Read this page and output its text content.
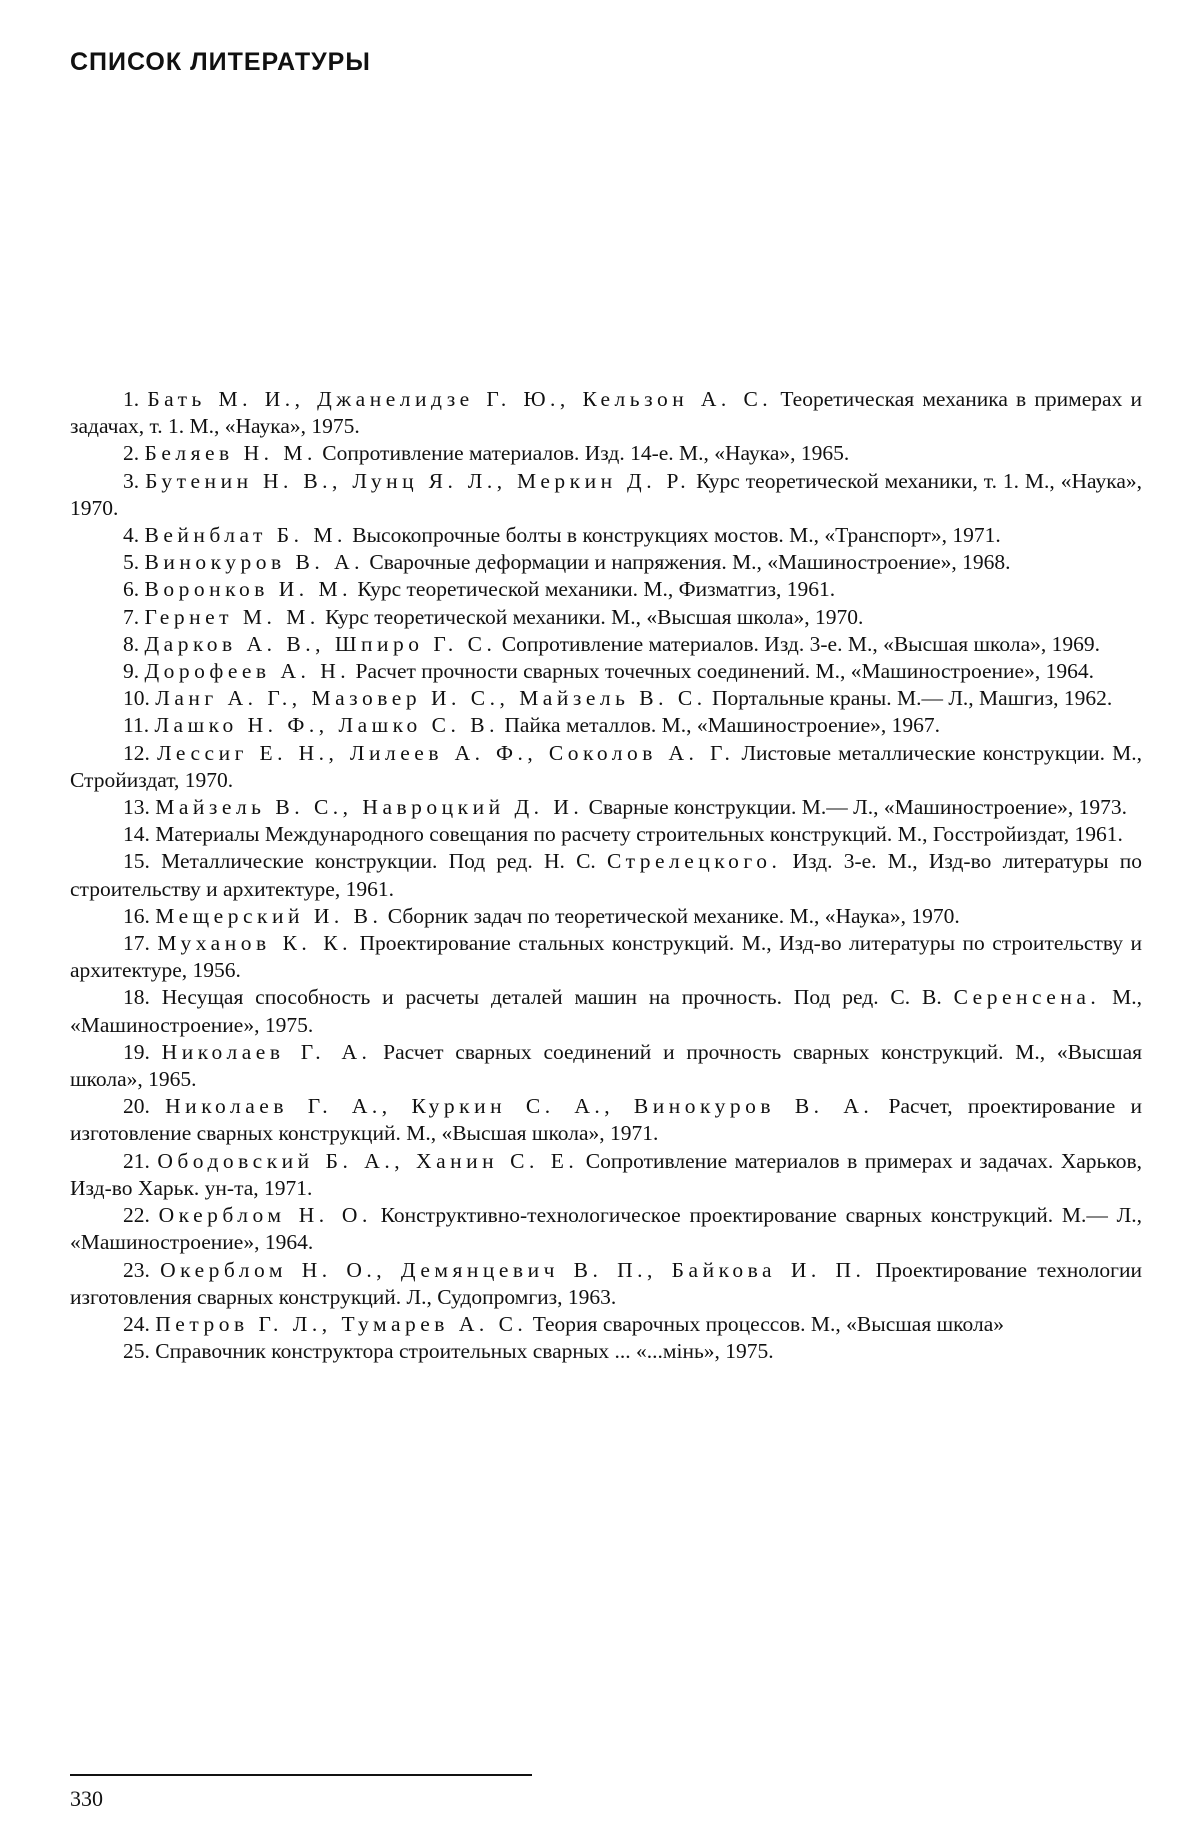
СПИСОК ЛИТЕРАТУРЫ

1. Бать М. И., Джанелидзе Г. Ю., Кельзон А. С. Теоретическая механика в примерах и задачах, т. 1. М., «Наука», 1975.

2. Беляев Н. М. Сопротивление материалов. Изд. 14-е. М., «Наука», 1965.

3. Бутенин Н. В., Лунц Я. Л., Меркин Д. Р. Курс теоретической механики, т. 1. М., «Наука», 1970.

4. Вейнблат Б. М. Высокопрочные болты в конструкциях мостов. М., «Транспорт», 1971.

5. Винокуров В. А. Сварочные деформации и напряжения. М., «Машиностроение», 1968.

6. Воронков И. М. Курс теоретической механики. М., Физматгиз, 1961.

7. Гернет М. М. Курс теоретической механики. М., «Высшая школа», 1970.

8. Дарков А. В., Шпиро Г. С. Сопротивление материалов. Изд. 3-е. М., «Высшая школа», 1969.

9. Дорофеев А. Н. Расчет прочности сварных точечных соединений. М., «Машиностроение», 1964.

10. Ланг А. Г., Мазовер И. С., Майзель В. С. Портальные краны. М.— Л., Машгиз, 1962.

11. Лашко Н. Ф., Лашко С. В. Пайка металлов. М., «Машиностроение», 1967.

12. Лессиг Е. Н., Лилеев А. Ф., Соколов А. Г. Листовые металлические конструкции. М., Стройиздат, 1970.

13. Майзель В. С., Навроцкий Д. И. Сварные конструкции. М.— Л., «Машиностроение», 1973.

14. Материалы Международного совещания по расчету строительных конструкций. М., Госстройиздат, 1961.

15. Металлические конструкции. Под ред. Н. С. Стрелецкого. Изд. 3-е. М., Изд-во литературы по строительству и архитектуре, 1961.

16. Мещерский И. В. Сборник задач по теоретической механике. М., «Наука», 1970.

17. Муханов К. К. Проектирование стальных конструкций. М., Изд-во литературы по строительству и архитектуре, 1956.

18. Несущая способность и расчеты деталей машин на прочность. Под ред. С. В. Серенсена. М., «Машиностроение», 1975.

19. Николаев Г. А. Расчет сварных соединений и прочность сварных конструкций. М., «Высшая школа», 1965.

20. Николаев Г. А., Куркин С. А., Винокуров В. А. Расчет, проектирование и изготовление сварных конструкций. М., «Высшая школа», 1971.

21. Ободовский Б. А., Ханин С. Е. Сопротивление материалов в примерах и задачах. Харьков, Изд-во Харьк. ун-та, 1971.

22. Окерблом Н. О. Конструктивно-технологическое проектирование сварных конструкций. М.— Л., «Машиностроение», 1964.

23. Окерблом Н. О., Демянцевич В. П., Байкова И. П. Проектирование технологии изготовления сварных конструкций. Л., Судопромгиз, 1963.

24. Петров Г. Л., Тумарев А. С. Теория сварочных процессов. М., «Высшая школа»

25. Справочник конструктора строительных сварных ... «...мінь», 1975.

330
